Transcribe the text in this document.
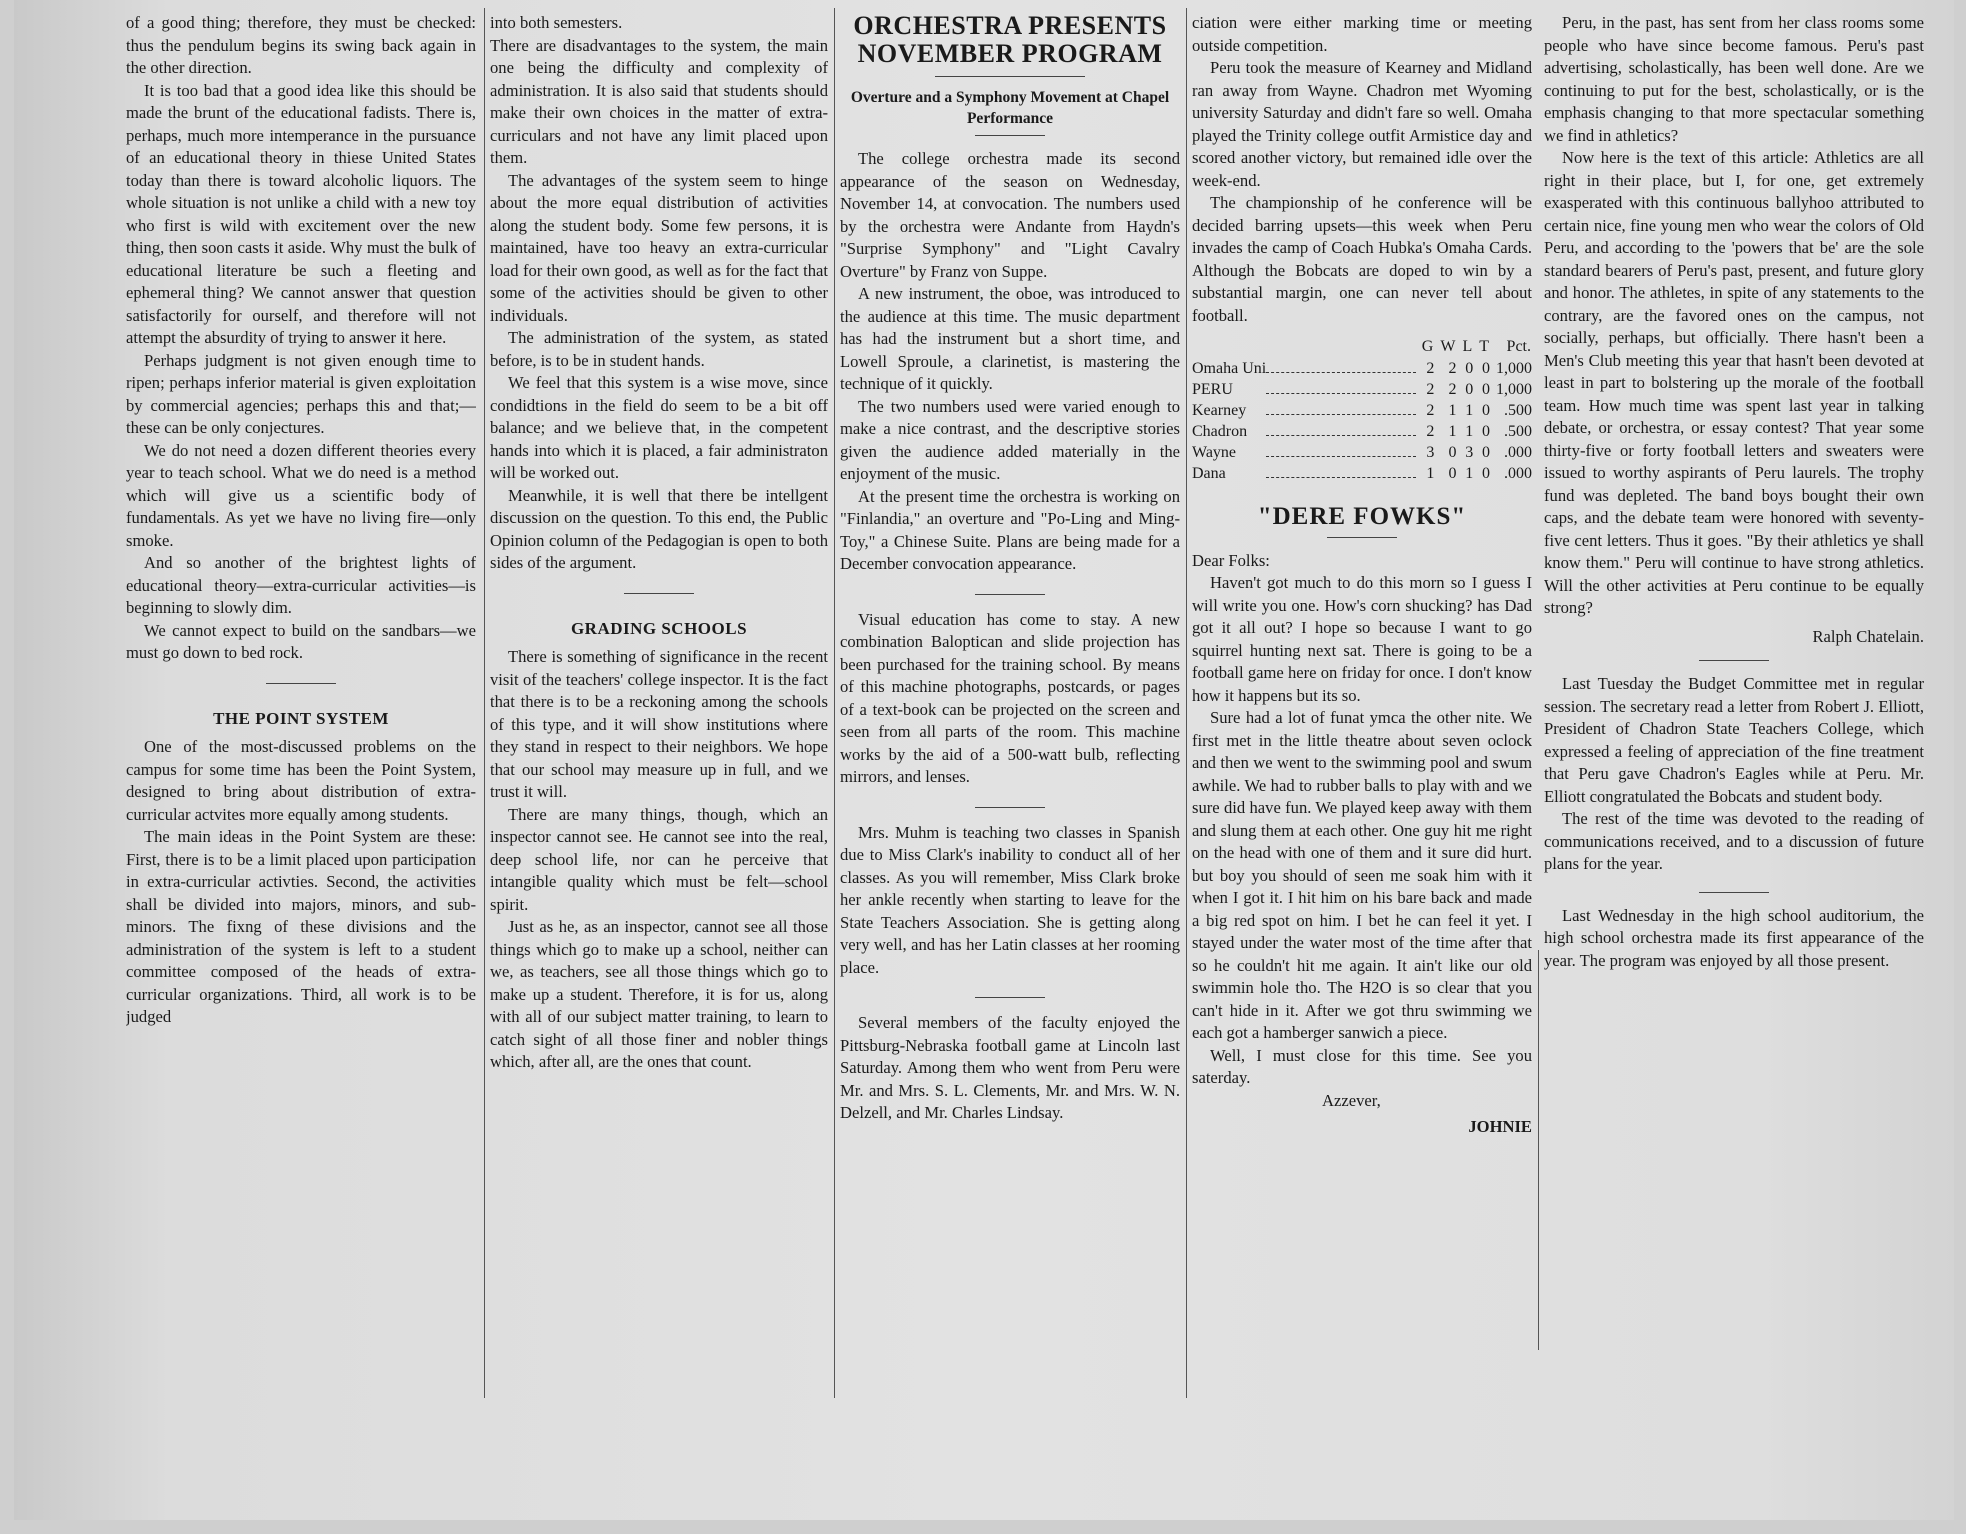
of a good thing; therefore, they must be checked: thus the pendulum begins its swing back again in the other direction.

It is too bad that a good idea like this should be made the brunt of the educational fadists. There is, perhaps, much more intemperance in the pursuance of an educational theory in thiese United States today than there is toward alcoholic liquors. The whole situation is not unlike a child with a new toy who first is wild with excitement over the new thing, then soon casts it aside. Why must the bulk of educational literature be such a fleeting and ephemeral thing? We cannot answer that question satisfactorily for ourself, and therefore will not attempt the absurdity of trying to answer it here.

Perhaps judgment is not given enough time to ripen; perhaps inferior material is given exploitation by commercial agencies; perhaps this and that;—these can be only conjectures.

We do not need a dozen different theories every year to teach school. What we do need is a method which will give us a scientific body of fundamentals. As yet we have no living fire—only smoke.

And so another of the brightest lights of educational theory—extra-curricular activities—is beginning to slowly dim.

We cannot expect to build on the sandbars—we must go down to bed rock.

THE POINT SYSTEM

One of the most-discussed problems on the campus for some time has been the Point System, designed to bring about distribution of extra-curricular actvites more equally among students.

The main ideas in the Point System are these: First, there is to be a limit placed upon participation in extra-curricular activties. Second, the activities shall be divided into majors, minors, and sub-minors. The fixng of these divisions and the administration of the system is left to a student committee composed of the heads of extra-curricular organizations. Third, all work is to be judged

into both semesters.

There are disadvantages to the system, the main one being the difficulty and complexity of administration. It is also said that students should make their own choices in the matter of extra-curriculars and not have any limit placed upon them.

The advantages of the system seem to hinge about the more equal distribution of activities along the student body. Some few persons, it is maintained, have too heavy an extra-curricular load for their own good, as well as for the fact that some of the activities should be given to other individuals.

The administration of the system, as stated before, is to be in student hands.

We feel that this system is a wise move, since condidtions in the field do seem to be a bit off balance; and we believe that, in the competent hands into which it is placed, a fair administraton will be worked out.

Meanwhile, it is well that there be intellgent discussion on the question. To this end, the Public Opinion column of the Pedagogian is open to both sides of the argument.

GRADING SCHOOLS

There is something of significance in the recent visit of the teachers' college inspector. It is the fact that there is to be a reckoning among the schools of this type, and it will show institutions where they stand in respect to their neighbors. We hope that our school may measure up in full, and we trust it will.

There are many things, though, which an inspector cannot see. He cannot see into the real, deep school life, nor can he perceive that intangible quality which must be felt—school spirit.

Just as he, as an inspector, cannot see all those things which go to make up a school, neither can we, as teachers, see all those things which go to make up a student. Therefore, it is for us, along with all of our subject matter training, to learn to catch sight of all those finer and nobler things which, after all, are the ones that count.

ORCHESTRA PRESENTS NOVEMBER PROGRAM
Overture and a Symphony Movement at Chapel Performance

The college orchestra made its second appearance of the season on Wednesday, November 14, at convocation. The numbers used by the orchestra were Andante from Haydn's "Surprise Symphony" and "Light Cavalry Overture" by Franz von Suppe.

A new instrument, the oboe, was introduced to the audience at this time. The music department has had the instrument but a short time, and Lowell Sproule, a clarinetist, is mastering the technique of it quickly.

The two numbers used were varied enough to make a nice contrast, and the descriptive stories given the audience added materially in the enjoyment of the music.

At the present time the orchestra is working on "Finlandia," an overture and "Po-Ling and Ming-Toy," a Chinese Suite. Plans are being made for a December convocation appearance.

Visual education has come to stay. A new combination Baloptican and slide projection has been purchased for the training school. By means of this machine photographs, postcards, or pages of a text-book can be projected on the screen and seen from all parts of the room. This machine works by the aid of a 500-watt bulb, reflecting mirrors, and lenses.

Mrs. Muhm is teaching two classes in Spanish due to Miss Clark's inability to conduct all of her classes. As you will remember, Miss Clark broke her ankle recently when starting to leave for the State Teachers Association. She is getting along very well, and has her Latin classes at her rooming place.

Several members of the faculty enjoyed the Pittsburg-Nebraska football game at Lincoln last Saturday. Among them who went from Peru were Mr. and Mrs. S. L. Clements, Mr. and Mrs. W. N. Delzell, and Mr. Charles Lindsay.

ciation were either marking time or meeting outside competition.

Peru took the measure of Kearney and Midland ran away from Wayne. Chadron met Wyoming university Saturday and didn't fare so well. Omaha played the Trinity college outfit Armistice day and scored another victory, but remained idle over the week-end.

The championship of he conference will be decided barring upsets—this week when Peru invades the camp of Coach Hubka's Omaha Cards. Although the Bobcats are doped to win by a substantial margin, one can never tell about football.

		G	W	L	T	Pct.
Omaha Uni		2	2	0	0	1,000
PERU		2	2	0	0	1,000
Kearney		2	1	1	0	.500
Chadron		2	1	1	0	.500
Wayne		3	0	3	0	.000
Dana		1	0	1	0	.000
"DERE FOWKS"

Dear Folks:

Haven't got much to do this morn so I guess I will write you one. How's corn shucking? has Dad got it all out? I hope so because I want to go squirrel hunting next sat. There is going to be a football game here on friday for once. I don't know how it happens but its so.

Sure had a lot of funat ymca the other nite. We first met in the little theatre about seven oclock and then we went to the swimming pool and swum awhile. We had to rubber balls to play with and we sure did have fun. We played keep away with them and slung them at each other. One guy hit me right on the head with one of them and it sure did hurt. but boy you should of seen me soak him with it when I got it. I hit him on his bare back and made a big red spot on him. I bet he can feel it yet. I stayed under the water most of the time after that so he couldn't hit me again. It ain't like our old swimmin hole tho. The H2O is so clear that you can't hide in it. After we got thru swimming we each got a hamberger sanwich a piece.

Well, I must close for this time. See you saterday.

Azzever,

JOHNIE

Peru, in the past, has sent from her class rooms some people who have since become famous. Peru's past advertising, scholastically, has been well done. Are we continuing to put for the best, scholastically, or is the emphasis changing to that more spectacular something we find in athletics?

Now here is the text of this article: Athletics are all right in their place, but I, for one, get extremely exasperated with this continuous ballyhoo attributed to certain nice, fine young men who wear the colors of Old Peru, and according to the 'powers that be' are the sole standard bearers of Peru's past, present, and future glory and honor. The athletes, in spite of any statements to the contrary, are the favored ones on the campus, not socially, perhaps, but officially. There hasn't been a Men's Club meeting this year that hasn't been devoted at least in part to bolstering up the morale of the football team. How much time was spent last year in talking debate, or orchestra, or essay contest? That year some thirty-five or forty football letters and sweaters were issued to worthy aspirants of Peru laurels. The trophy fund was depleted. The band boys bought their own caps, and the debate team were honored with seventy-five cent letters. Thus it goes. "By their athletics ye shall know them." Peru will continue to have strong athletics. Will the other activities at Peru continue to be equally strong?

Ralph Chatelain.

Last Tuesday the Budget Committee met in regular session. The secretary read a letter from Robert J. Elliott, President of Chadron State Teachers College, which expressed a feeling of appreciation of the fine treatment that Peru gave Chadron's Eagles while at Peru. Mr. Elliott congratulated the Bobcats and student body.

The rest of the time was devoted to the reading of communications received, and to a discussion of future plans for the year.

Last Wednesday in the high school auditorium, the high school orchestra made its first appearance of the year. The program was enjoyed by all those present.
